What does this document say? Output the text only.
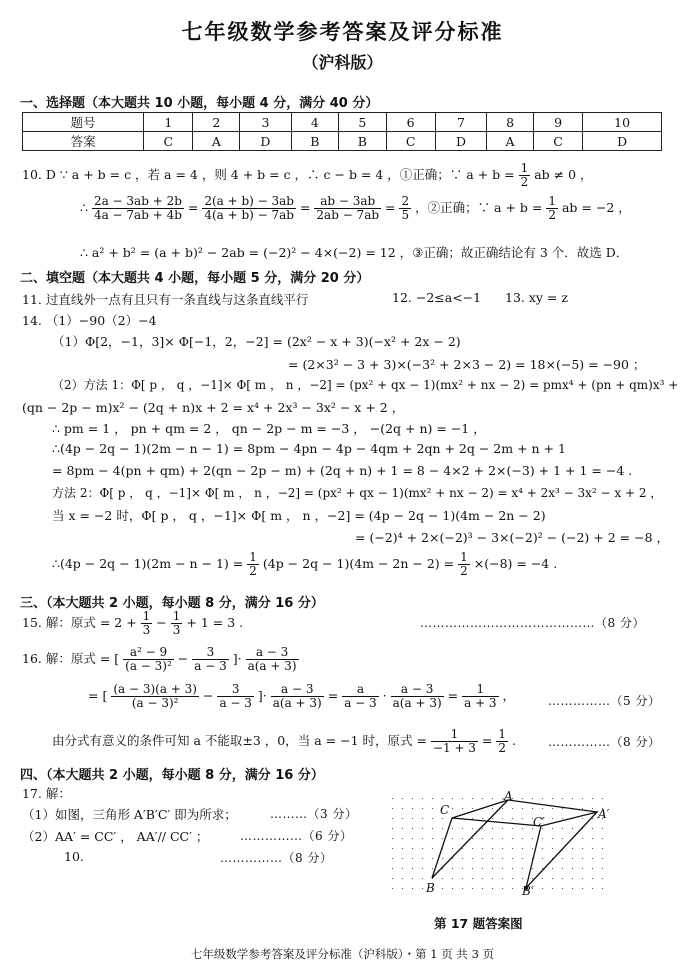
七年级数学参考答案及评分标准
（沪科版）
一、选择题（本大题共 10 小题，每小题 4 分，满分 40 分）
题号	1	2	3	4	5	6	7	8	9	10
答案	C	A	D	B	B	C	D	A	C	D
10. D ∵ a + b = c ，若 a = 4 ，则 4 + b = c ，∴ c − b = 4 ，①正确；∵ $a + b = \frac{1}{2}$ ab ≠ 0 ，
∴ $\frac{2a - 3ab + 2b}{4a - 7ab + 4b} = \frac{2(a + b) - 3ab}{4(a + b) - 7ab} = \frac{ab - 3ab}{2ab - 7ab} = \frac{2}{5}$ ，②正确；∵ $a + b = \frac{1}{2}$ ab = −2 ，
∴ a² + b² = (a + b)² − 2ab = (−2)² − 4×(−2) = 12 ，③正确；故正确结论有 3 个．故选 D．
二、填空题（本大题共 4 小题，每小题 5 分，满分 20 分）
11. 过直线外一点有且只有一条直线与这条直线平行	12. −2≤a<−1 13. xy = z
14. （1）−90（2）−4
（1）Φ[2，−1，3]× Φ[−1，2，−2] = (2x² − x + 3)(−x² + 2x − 2)
= (2×3² − 3 + 3)×(−3² + 2×3 − 2) = 18×(−5) = −90 ；
（2）方法 1：Φ[ p ， q ，−1]× Φ[ m ， n ，−2] = (px² + qx − 1)(mx² + nx − 2) = pmx⁴ + (pn + qm)x³ +
(qn − 2p − m)x² − (2q + n)x + 2 = x⁴ + 2x³ − 3x² − x + 2 ，
∴ pm = 1 ， pn + qm = 2 ， qn − 2p − m = −3 ， −(2q + n) = −1 ，
∴(4p − 2q − 1)(2m − n − 1) = 8pm − 4pn − 4p − 4qm + 2qn + 2q − 2m + n + 1
= 8pm − 4(pn + qm) + 2(qn − 2p − m) + (2q + n) + 1 = 8 − 4×2 + 2×(−3) + 1 + 1 = −4 .
方法 2：Φ[ p ， q ，−1]× Φ[ m ， n ，−2] = (px² + qx − 1)(mx² + nx − 2) = x⁴ + 2x³ − 3x² − x + 2 ，
当 x = −2 时，Φ[ p ， q ，−1]× Φ[ m ， n ，−2] = (4p − 2q − 1)(4m − 2n − 2)
= (−2)⁴ + 2×(−2)³ − 3×(−2)² − (−2) + 2 = −8 ，
∴(4p − $2q - 1)(2m - n - 1) = \frac{1}{2} (4p - 2q - 1)(4m - 2n - 2) = \frac{1}{2} \times(-8) = -4$ .
三、（本大题共 2 小题，每小题 8 分，满分 16 分）
15. 解：原式 = $2 + \frac{1}{3} - \frac{1}{3} + 1 = 3$ .	……………………………………（8 分）
16. 解：原式 = [ $\frac{\text{a² − 9}}{\text{(a − 3)²}} - \frac{3}{a - 3}$ ]· $\frac{a - 3}{a(a + 3)}$
= [ $\frac{(a - 3)(a + 3)}{\text{(a − 3)²}} - \frac{3}{a - 3}$ ]· $\frac{a - 3}{a(a + 3)} = \frac{a}{a - 3} \cdot \frac{a - 3}{a(a + 3)} = \frac{1}{a + 3}$ ，	……………（5 分）
由分式有意义的条件可知 a 不能取±3 ，0，当 a = −1 时，原式 = $\frac{1}{-1 + 3} = \frac{1}{2}$ .	……………（8 分）
四、（本大题共 2 小题，每小题 8 分，满分 16 分）
17. 解：
（1）如图，三角形 A′B′C′ 即为所求；	………（3 分）
（2）AA′ = CC′ ， AA′// CC′ ；	……………（6 分）
10.	……………（8 分）
C
A
B
C′
A′
B′
第 17 题答案图
七年级数学参考答案及评分标准（沪科版）・第 1 页 共 3 页
